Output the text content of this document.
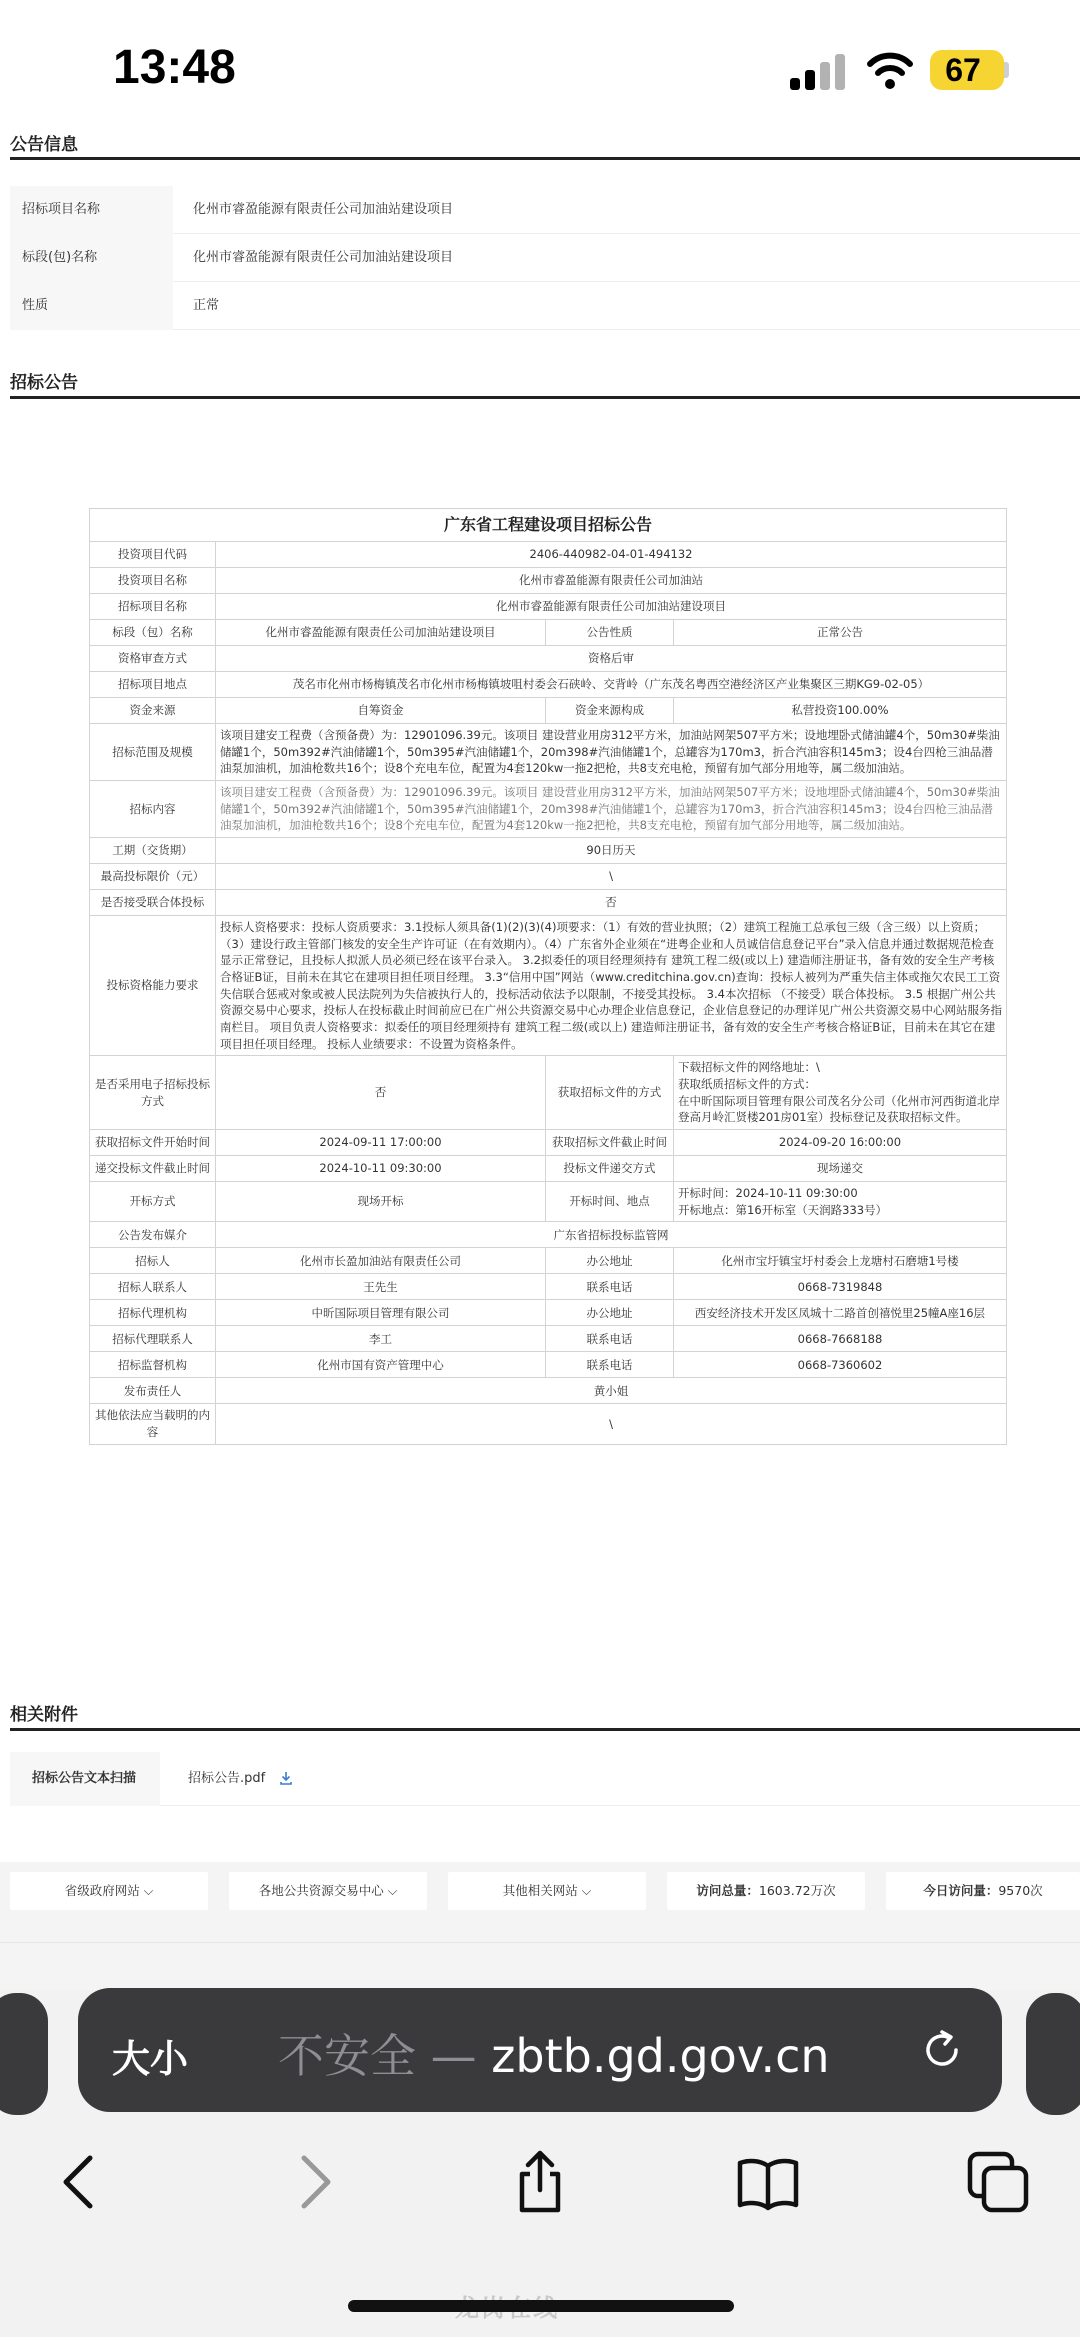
13:48	67
公告信息
招标项目名称	化州市睿盈能源有限责任公司加油站建设项目
标段(包)名称	化州市睿盈能源有限责任公司加油站建设项目
性质	正常
招标公告
广东省工程建设项目招标公告			
投资项目代码	2406-440982-04-01-494132		
投资项目名称	化州市睿盈能源有限责任公司加油站		
招标项目名称	化州市睿盈能源有限责任公司加油站建设项目		
标段（包）名称	化州市睿盈能源有限责任公司加油站建设项目	公告性质	正常公告
资格审查方式	资格后审		
招标项目地点	茂名市化州市杨梅镇茂名市化州市杨梅镇坡咀村委会石硖岭、交背岭（广东茂名粤西空港经济区产业集聚区三期KG9-02-05）		
资金来源	自筹资金	资金来源构成	私营投资100.00%
招标范围及规模	该项目建安工程费（含预备费）为：12901096.39元。该项目 建设营业用房312平方米，加油站网架507平方米；设地埋卧式储油罐4个，50m30#柴油储罐1个，50m392#汽油储罐1个，50m395#汽油储罐1个，20m398#汽油储罐1个，总罐容为170m3，折合汽油容积145m3；设4台四枪三油品潜油泵加油机，加油枪数共16个；设8个充电车位，配置为4套120kw一拖2把枪，共8支充电枪，预留有加气部分用地等，属二级加油站。		
招标内容	该项目建安工程费（含预备费）为：12901096.39元。该项目 建设营业用房312平方米，加油站网架507平方米；设地埋卧式储油罐4个，50m30#柴油储罐1个，50m392#汽油储罐1个，50m395#汽油储罐1个，20m398#汽油储罐1个，总罐容为170m3，折合汽油容积145m3；设4台四枪三油品潜油泵加油机，加油枪数共16个；设8个充电车位，配置为4套120kw一拖2把枪，共8支充电枪，预留有加气部分用地等，属二级加油站。		
工期（交货期）	90日历天		
最高投标限价（元）	\		
是否接受联合体投标	否		
投标资格能力要求	投标人资格要求：投标人资质要求：3.1投标人须具备(1)(2)(3)(4)项要求：（1）有效的营业执照；（2）建筑工程施工总承包三级（含三级）以上资质；（3）建设行政主管部门核发的安全生产许可证（在有效期内）。（4）广东省外企业须在“进粤企业和人员诚信信息登记平台”录入信息并通过数据规范检查显示正常登记，且投标人拟派人员必须已经在该平台录入。 3.2拟委任的项目经理须持有 建筑工程二级(或以上) 建造师注册证书，备有效的安全生产考核合格证B证，目前未在其它在建项目担任项目经理。 3.3“信用中国”网站（www.creditchina.gov.cn)查询：投标人被列为严重失信主体或拖欠农民工工资失信联合惩戒对象或被人民法院列为失信被执行人的，投标活动依法予以限制，不接受其投标。 3.4本次招标 （不接受）联合体投标。 3.5 根据广州公共资源交易中心要求，投标人在投标截止时间前应已在广州公共资源交易中心办理企业信息登记，企业信息登记的办理详见广州公共资源交易中心网站服务指南栏目。 项目负责人资格要求：拟委任的项目经理须持有 建筑工程二级(或以上) 建造师注册证书，备有效的安全生产考核合格证B证，目前未在其它在建项目担任项目经理。 投标人业绩要求：不设置为资格条件。		
是否采用电子招标投标方式	否	获取招标文件的方式	下载招标文件的网络地址：\
获取纸质招标文件的方式：
在中昕国际项目管理有限公司茂名分公司（化州市河西街道北岸登高月岭汇贤楼201房01室）投标登记及获取招标文件。

获取招标文件开始时间	2024-09-11 17:00:00	获取招标文件截止时间	2024-09-20 16:00:00
递交投标文件截止时间	2024-10-11 09:30:00	投标文件递交方式	现场递交
开标方式	现场开标	开标时间、地点	开标时间：2024-10-11 09:30:00
开标地点：第16开标室（天润路333号）

公告发布媒介	广东省招标投标监管网		
招标人	化州市长盈加油站有限责任公司	办公地址	化州市宝圩镇宝圩村委会上龙塘村石磨塘1号楼
招标人联系人	王先生	联系电话	0668-7319848
招标代理机构	中昕国际项目管理有限公司	办公地址	西安经济技术开发区凤城十二路首创禧悦里25幢A座16层
招标代理联系人	李工	联系电话	0668-7668188
招标监督机构	化州市国有资产管理中心	联系电话	0668-7360602
发布责任人	黄小姐		
其他依法应当载明的内容	\		
相关附件
招标公告文本扫描	招标公告.pdf
省级政府网站 ⌵	各地公共资源交易中心 ⌵	其他相关网站 ⌵	访问总量：1603.72万次	今日访问量：9570次
大小 不安全 — zbtb.gd.gov.cn
